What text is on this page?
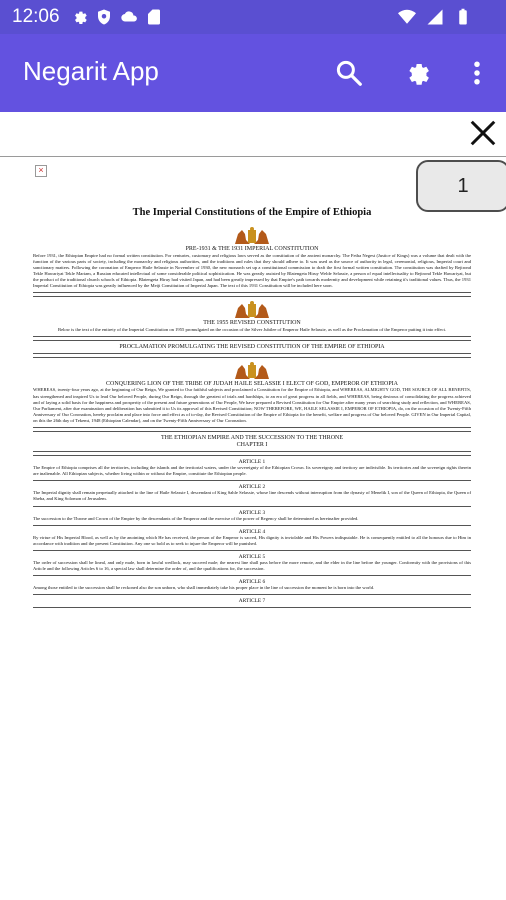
12:06
Negarit App
×
1
The Imperial Constitutions of the Empire of Ethiopia
PRE-1931 & THE 1931 IMPERIAL CONSTITUTION

Before 1931, the Ethiopian Empire had no formal written constitution. For centuries, customary and religious laws served as the constitution of the ancient monarchy. The Fetha Negest (Justice of Kings) was a volume that dealt with the function of the various parts of society, including the monarchy and religious authorities, and the traditions and rules that they should adhere to. It was used as the source of authority in legal, ceremonial, religious, Imperial court and sanctionary matters. Following the coronation of Emperor Haile Selassie in November of 1930, the new monarch set up a constitutional commission to draft the first formal written constitution. The constitution was drafted by Bejirond Tekle Hawariyat Tekle Mariam, a Russian educated intellectual of some considerable political sophistication. He was greatly assisted by Blatengeta Hiruy Welde Selassie, a person of equal intellectuality to Bejirond Tekle Hawariyat, but the product of the traditional church schools of Ethiopia. Blatengeta Hiruy had visited Japan, and had been greatly impressed by that Empire's path towards modernity and development while retaining it's traditional values. Thus, the 1931 Imperial Constitution of Ethiopia was greatly influenced by the Meiji Constitution of Imperial Japan. The text of this 1931 Constitution will be included here soon.

THE 1955 REVISED CONSTITUTION

Below is the text of the entirety of the Imperial Constitution on 1955 promulgated on the occasion of the Silver Jubilee of Emperor Haile Selassie, as well as the Proclamation of the Emperor putting it into effect.

PROCLAMATION PROMULGATING THE REVISED CONSTITUTION OF THE EMPIRE OF ETHIOPIA
CONQUERING LION OF THE TRIBE OF JUDAH HAILE SELASSIE I ELECT OF GOD, EMPEROR OF ETHIOPIA

WHEREAS, twenty-four years ago, at the beginning of Our Reign, We granted to Our faithful subjects and proclaimed a Constitution for the Empire of Ethiopia, and WHEREAS, ALMIGHTY GOD, THE SOURCE OF ALL BENEFITS, has strengthened and inspired Us to lead Our beloved People, during Our Reign, through the greatest of trials and hardships, to an era of great progress in all fields, and WHEREAS, being desirous of consolidating the progress achieved and of laying a solid basis for the happiness and prosperity of the present and future generations of Our People, We have prepared a Revised Constitution for Our Empire after many years of searching study and reflection, and WHEREAS, Our Parliament, after due examination and deliberation has submitted it to Us its approval of this Revised Constitution; NOW THEREFORE, WE, HAILE SELASSIE I, EMPEROR OF ETHIOPIA, do, on the occasion of the Twenty-Fifth Anniversary of Our Coronation, hereby proclaim and place into force and effect as of to-day, the Revised Constitution of the Empire of Ethiopia for the benefit, welfare and progress of Our beloved People. GIVEN in Our Imperial Capital, on this the 26th day of Tekemt, 1948 (Ethiopian Calendar), and on the Twenty-Fifth Anniversary of Our Coronation.

THE ETHIOPIAN EMPIRE AND THE SUCCESSION TO THE THRONE
CHAPTER I
ARTICLE 1

The Empire of Ethiopia comprises all the territories, including the islands and the territorial waters, under the sovereignty of the Ethiopian Crown. Its sovereignty and territory are indivisible. Its territories and the sovereign rights therein are inalienable. All Ethiopian subjects, whether living within or without the Empire, constitute the Ethiopian people.

ARTICLE 2

The Imperial dignity shall remain perpetually attached to the line of Haile Selassie I, descendant of King Sahle Selassie, whose line descends without interruption from the dynasty of Menelik I, son of the Queen of Ethiopia, the Queen of Sheba, and King Solomon of Jerusalem.

ARTICLE 3

The succession to the Throne and Crown of the Empire by the descendants of the Emperor and the exercise of the power of Regency shall be determined as hereinafter provided.

ARTICLE 4

By virtue of His Imperial Blood, as well as by the anointing which He has received, the person of the Emperor is sacred, His dignity is inviolable and His Powers indisputable. He is consequently entitled to all the honours due to Him in accordance with tradition and the present Constitution. Any one so bold as to seek to injure the Emperor will be punished.

ARTICLE 5

The order of succession shall be lineal, and only male, born in lawful wedlock, may succeed male; the nearest line shall pass before the more remote, and the elder in the line before the younger. Conformity with the provisions of this Article and the following Articles 6 to 16, a special law shall determine the order of, and the qualifications for, the succession.

ARTICLE 6

Among those entitled to the succession shall be reckoned also the son unborn, who shall immediately take his proper place in the line of succession the moment he is born into the world.

ARTICLE 7
